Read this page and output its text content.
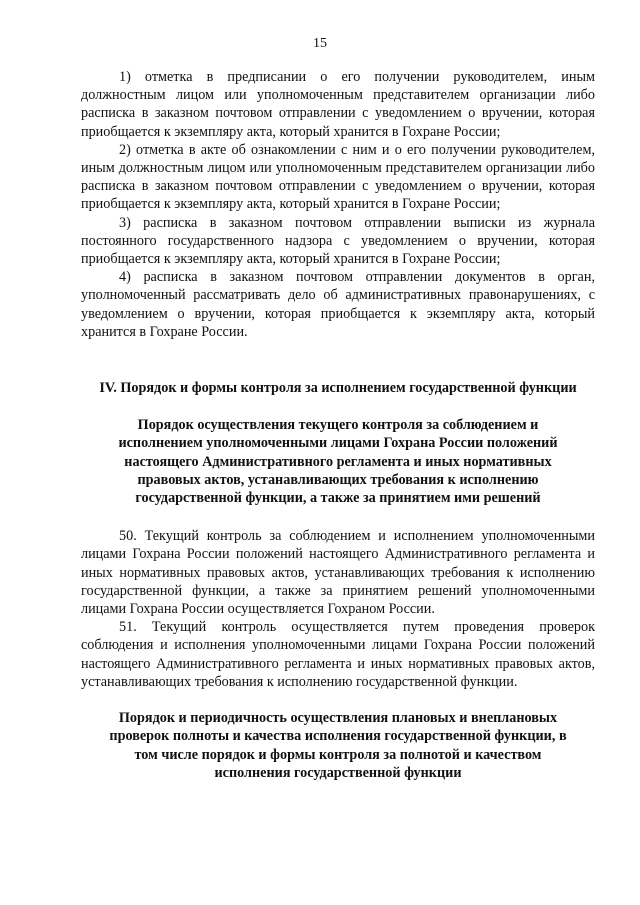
15

1) отметка в предписании о его получении руководителем, иным должностным лицом или уполномоченным представителем организации либо расписка в заказном почтовом отправлении с уведомлением о вручении, которая приобщается к экземпляру акта, который хранится в Гохране России;

2) отметка в акте об ознакомлении с ним и о его получении руководителем, иным должностным лицом или уполномоченным представителем организации либо расписка в заказном почтовом отправлении с уведомлением о вручении, которая приобщается к экземпляру акта, который хранится в Гохране России;

3) расписка в заказном почтовом отправлении выписки из журнала постоянного государственного надзора с уведомлением о вручении, которая приобщается к экземпляру акта, который хранится в Гохране России;

4) расписка в заказном почтовом отправлении документов в орган, уполномоченный рассматривать дело об административных правонарушениях, с уведомлением о вручении, которая приобщается к экземпляру акта, который хранится в Гохране России.

IV. Порядок и формы контроля за исполнением государственной функции
Порядок осуществления текущего контроля за соблюдением и исполнением уполномоченными лицами Гохрана России положений настоящего Административного регламента и иных нормативных правовых актов, устанавливающих требования к исполнению государственной функции, а также за принятием ими решений

50. Текущий контроль за соблюдением и исполнением уполномоченными лицами Гохрана России положений настоящего Административного регламента и иных нормативных правовых актов, устанавливающих требования к исполнению государственной функции, а также за принятием решений уполномоченными лицами Гохрана России осуществляется Гохраном России.

51. Текущий контроль осуществляется путем проведения проверок соблюдения и исполнения уполномоченными лицами Гохрана России положений настоящего Административного регламента и иных нормативных правовых актов, устанавливающих требования к исполнению государственной функции.

Порядок и периодичность осуществления плановых и внеплановых проверок полноты и качества исполнения государственной функции, в том числе порядок и формы контроля за полнотой и качеством исполнения государственной функции
